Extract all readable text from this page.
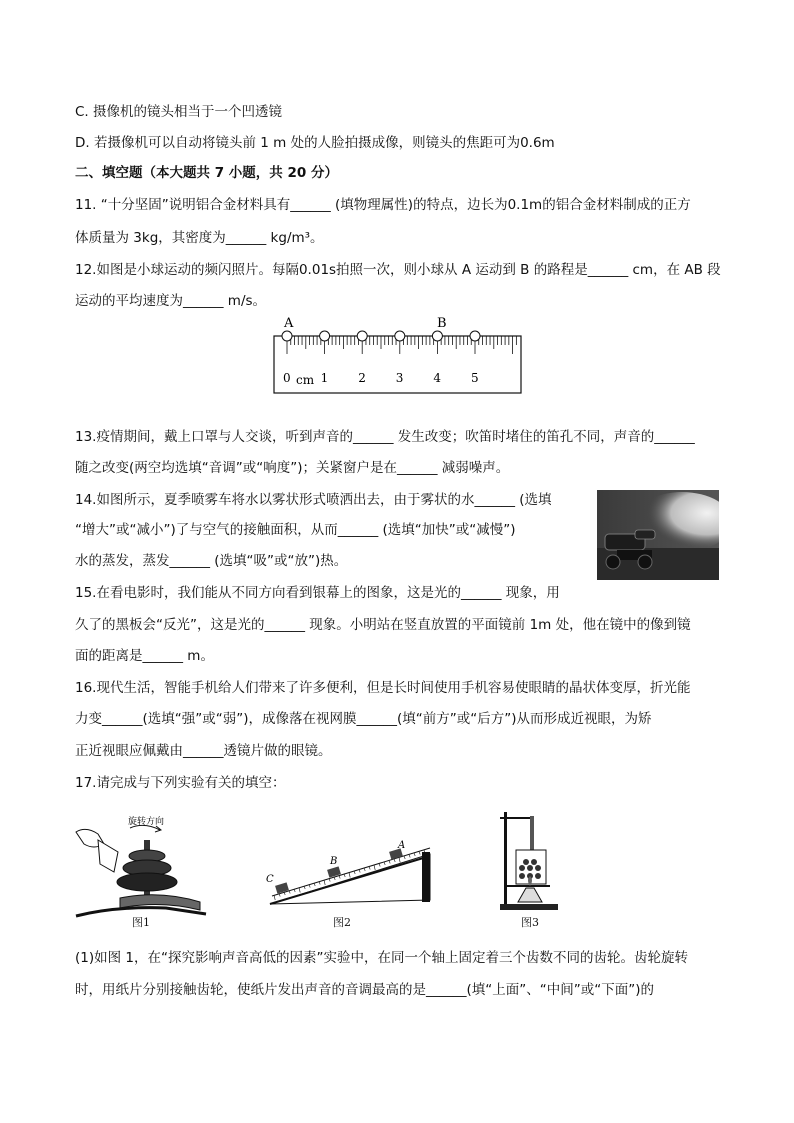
C. 摄像机的镜头相当于一个凹透镜
D. 若摄像机可以自动将镜头前 1 m 处的人脸拍摄成像，则镜头的焦距可为0.6m
二、填空题（本大题共 7 小题，共 20 分）
11. “十分坚固”说明铝合金材料具有______ (填物理属性)的特点，边长为0.1m的铝合金材料制成的正方
体质量为 3kg，其密度为______ kg/m³。
12.如图是小球运动的频闪照片。每隔0.01s拍照一次，则小球从 A 运动到 B 的路程是______ cm，在 AB 段
运动的平均速度为______ m/s。
A	B
0 1 2 3 4 5
cm
13.疫情期间，戴上口罩与人交谈，听到声音的______ 发生改变；吹笛时堵住的笛孔不同，声音的______
随之改变(两空均选填“音调”或“响度”)；关紧窗户是在______ 减弱噪声。
14.如图所示，夏季喷雾车将水以雾状形式喷洒出去，由于雾状的水______ (选填
“增大”或“减小”)了与空气的接触面积，从而______ (选填“加快”或“减慢”)
水的蒸发，蒸发______ (选填“吸”或“放”)热。
15.在看电影时，我们能从不同方向看到银幕上的图象，这是光的______ 现象，用
久了的黑板会“反光”，这是光的______ 现象。小明站在竖直放置的平面镜前 1m 处，他在镜中的像到镜
面的距离是______ m。
16.现代生活，智能手机给人们带来了许多便利，但是长时间使用手机容易使眼睛的晶状体变厚，折光能
力变______(选填“强”或“弱”)，成像落在视网膜______(填“前方”或“后方”)从而形成近视眼，为矫
正近视眼应佩戴由______透镜片做的眼镜。
17.请完成与下列实验有关的填空：
(1)如图 1，在“探究影响声音高低的因素”实验中，在同一个轴上固定着三个齿数不同的齿轮。齿轮旋转
时，用纸片分别接触齿轮，使纸片发出声音的音调最高的是______(填“上面”、“中间”或“下面”)的
旋转方向
图1
C
B
A
图2	图3
